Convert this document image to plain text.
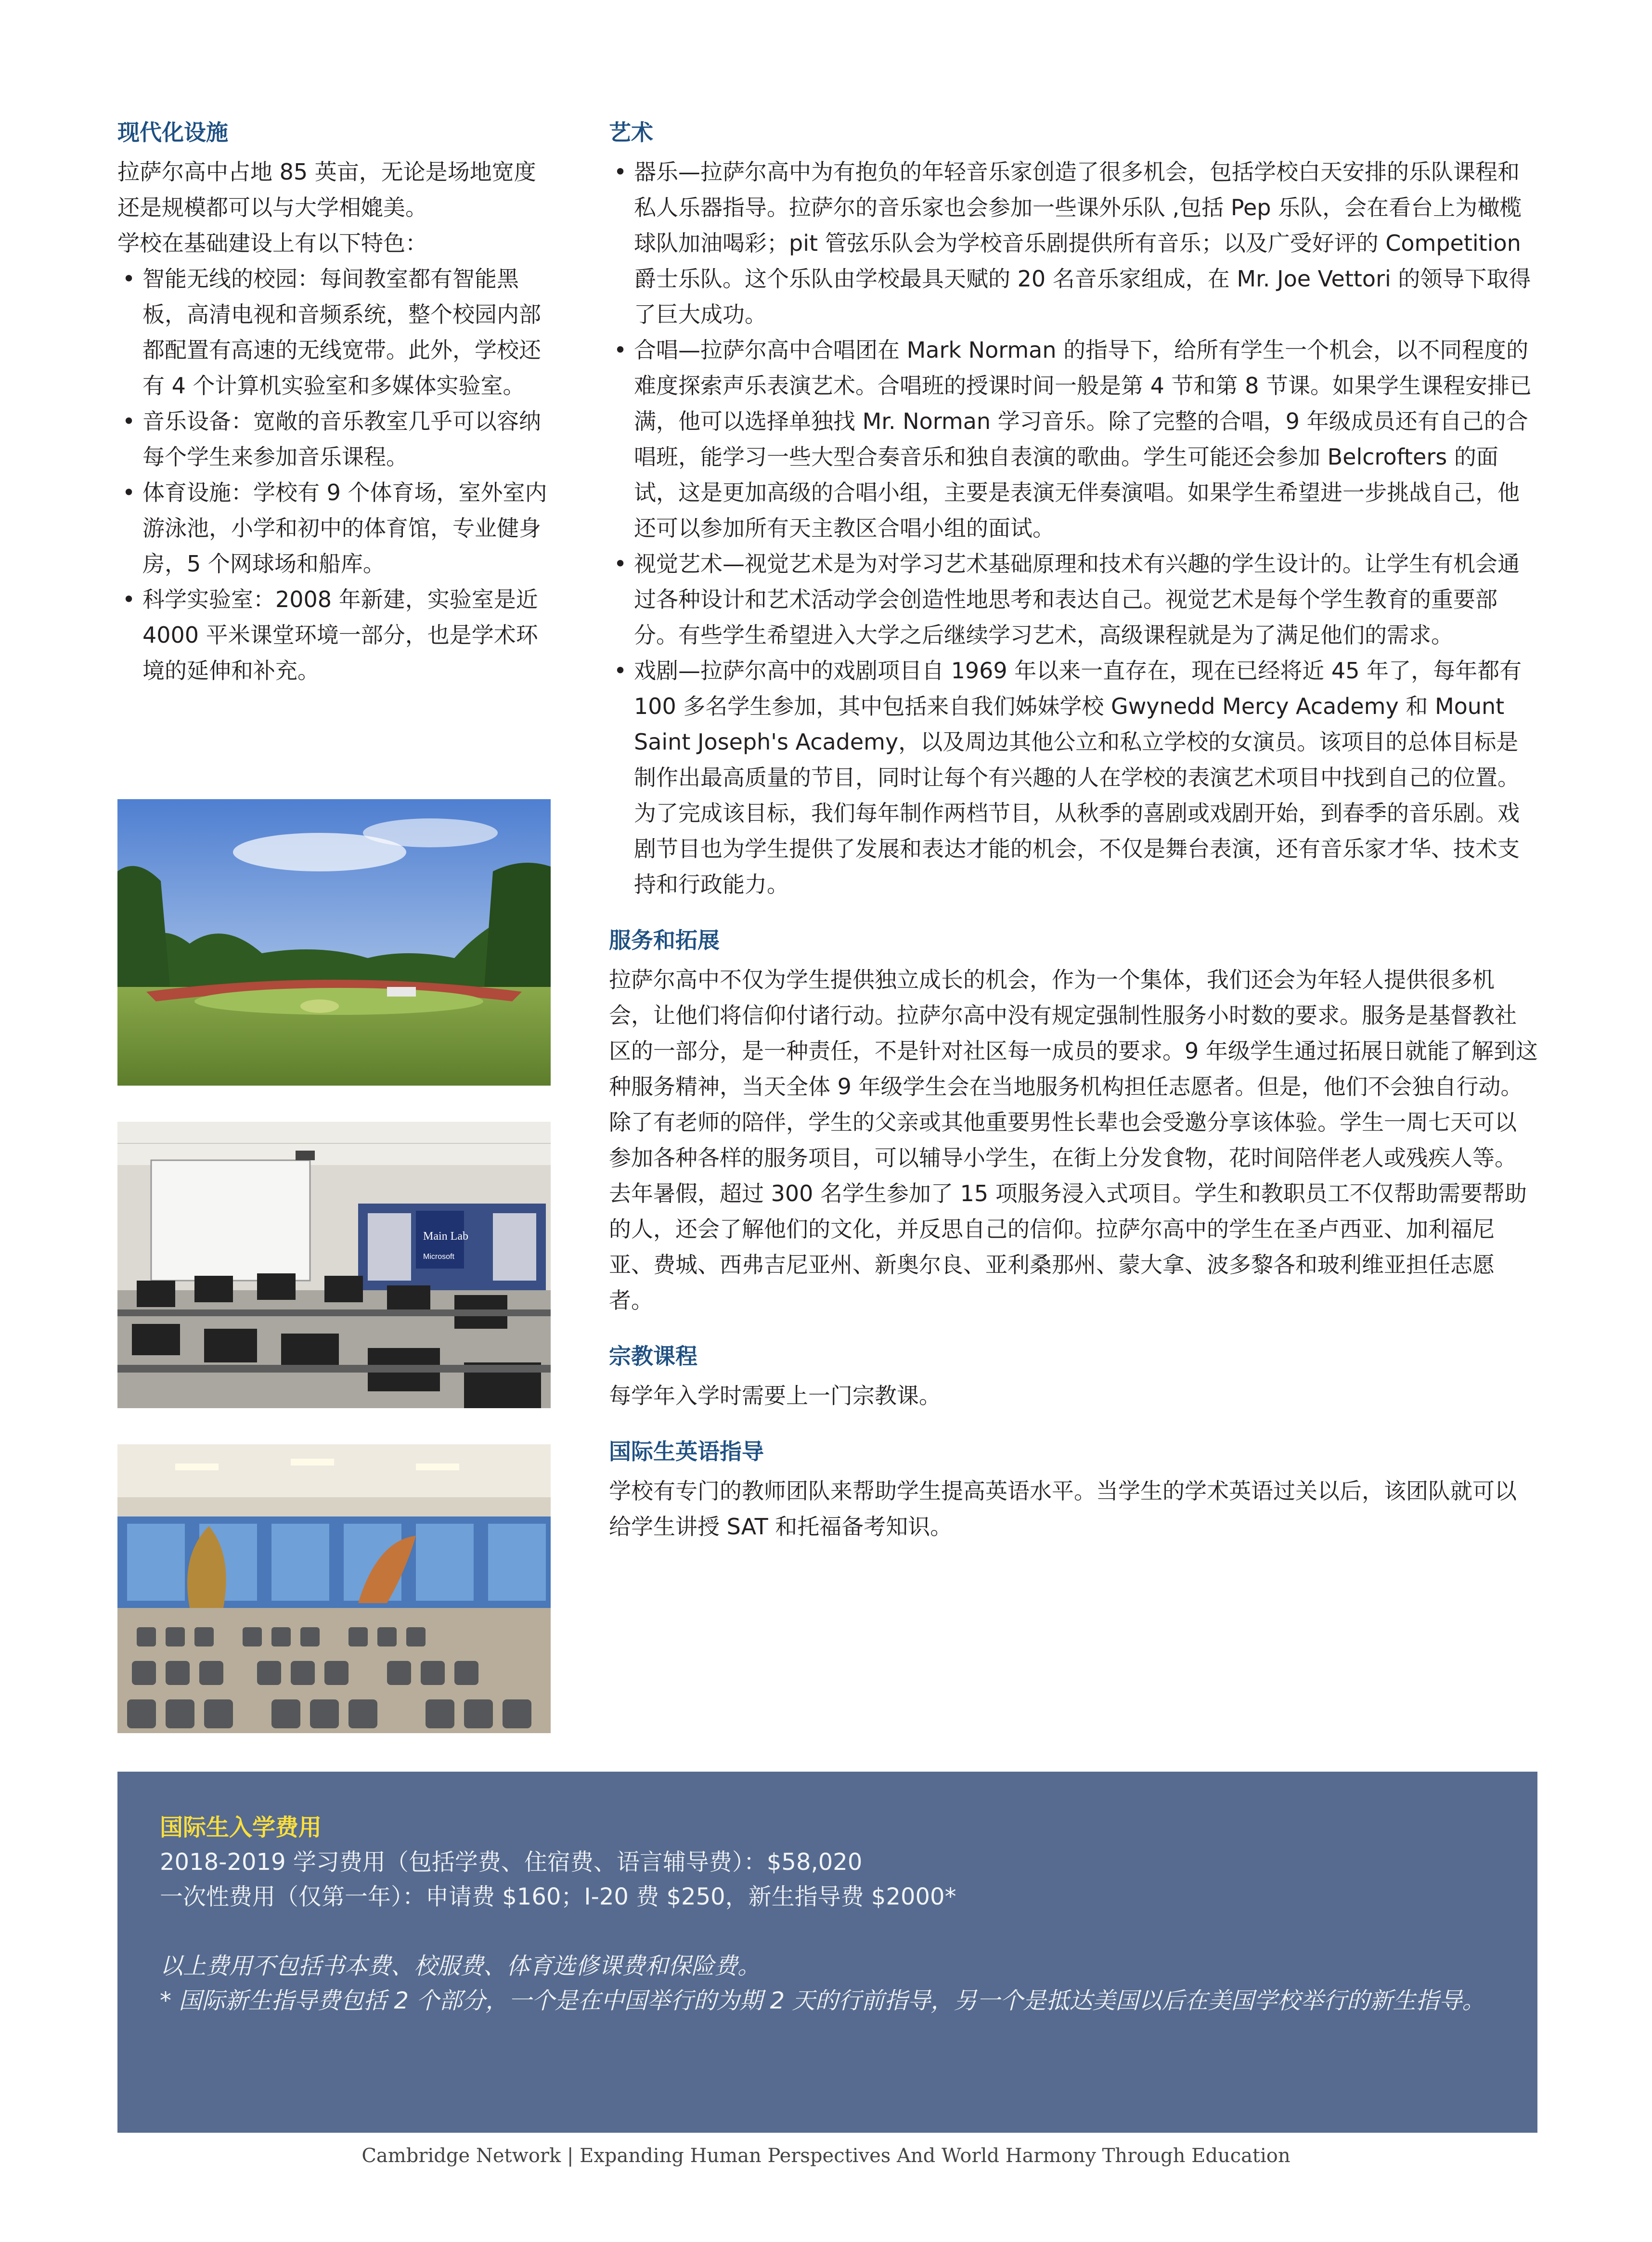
现代化设施

拉萨尔高中占地 85 英亩，无论是场地宽度还是规模都可以与大学相媲美。

学校在基础建设上有以下特色：

• 智能无线的校园：每间教室都有智能黑板，高清电视和音频系统，整个校园内部都配置有高速的无线宽带。此外，学校还有 4 个计算机实验室和多媒体实验室。
• 音乐设备：宽敞的音乐教室几乎可以容纳每个学生来参加音乐课程。
• 体育设施：学校有 9 个体育场，室外室内游泳池，小学和初中的体育馆，专业健身房，5 个网球场和船库。
• 科学实验室：2008 年新建，实验室是近 4000 平米课堂环境一部分，也是学术环境的延伸和补充。
Main Lab
Microsoft
艺术
• 器乐—拉萨尔高中为有抱负的年轻音乐家创造了很多机会，包括学校白天安排的乐队课程和私人乐器指导。拉萨尔的音乐家也会参加一些课外乐队 ,包括 Pep 乐队，会在看台上为橄榄球队加油喝彩；pit 管弦乐队会为学校音乐剧提供所有音乐；以及广受好评的 Competition 爵士乐队。这个乐队由学校最具天赋的 20 名音乐家组成，在 Mr. Joe Vettori 的领导下取得了巨大成功。
• 合唱—拉萨尔高中合唱团在 Mark Norman 的指导下，给所有学生一个机会，以不同程度的难度探索声乐表演艺术。合唱班的授课时间一般是第 4 节和第 8 节课。如果学生课程安排已满，他可以选择单独找 Mr. Norman 学习音乐。除了完整的合唱，9 年级成员还有自己的合唱班，能学习一些大型合奏音乐和独自表演的歌曲。学生可能还会参加 Belcrofters 的面试，这是更加高级的合唱小组，主要是表演无伴奏演唱。如果学生希望进一步挑战自己，他还可以参加所有天主教区合唱小组的面试。
• 视觉艺术—视觉艺术是为对学习艺术基础原理和技术有兴趣的学生设计的。让学生有机会通过各种设计和艺术活动学会创造性地思考和表达自己。视觉艺术是每个学生教育的重要部分。有些学生希望进入大学之后继续学习艺术，高级课程就是为了满足他们的需求。
• 戏剧—拉萨尔高中的戏剧项目自 1969 年以来一直存在，现在已经将近 45 年了，每年都有 100 多名学生参加，其中包括来自我们姊妹学校 Gwynedd Mercy Academy 和 Mount Saint Joseph's Academy，以及周边其他公立和私立学校的女演员。该项目的总体目标是制作出最高质量的节目，同时让每个有兴趣的人在学校的表演艺术项目中找到自己的位置。为了完成该目标，我们每年制作两档节目，从秋季的喜剧或戏剧开始，到春季的音乐剧。戏剧节目也为学生提供了发展和表达才能的机会，不仅是舞台表演，还有音乐家才华、技术支持和行政能力。
服务和拓展

拉萨尔高中不仅为学生提供独立成长的机会，作为一个集体，我们还会为年轻人提供很多机会，让他们将信仰付诸行动。拉萨尔高中没有规定强制性服务小时数的要求。服务是基督教社区的一部分，是一种责任，不是针对社区每一成员的要求。9 年级学生通过拓展日就能了解到这种服务精神，当天全体 9 年级学生会在当地服务机构担任志愿者。但是，他们不会独自行动。除了有老师的陪伴，学生的父亲或其他重要男性长辈也会受邀分享该体验。学生一周七天可以参加各种各样的服务项目，可以辅导小学生，在街上分发食物，花时间陪伴老人或残疾人等。去年暑假，超过 300 名学生参加了 15 项服务浸入式项目。学生和教职员工不仅帮助需要帮助的人，还会了解他们的文化，并反思自己的信仰。拉萨尔高中的学生在圣卢西亚、加利福尼亚、费城、西弗吉尼亚州、新奥尔良、亚利桑那州、蒙大拿、波多黎各和玻利维亚担任志愿者。

宗教课程

每学年入学时需要上一门宗教课。

国际生英语指导

学校有专门的教师团队来帮助学生提高英语水平。当学生的学术英语过关以后，该团队就可以给学生讲授 SAT 和托福备考知识。

国际生入学费用
2018-2019 学习费用（包括学费、住宿费、语言辅导费）：$58,020
一次性费用（仅第一年）：申请费 $160；I-20 费 $250，新生指导费 $2000*
以上费用不包括书本费、校服费、体育选修课费和保险费。
* 国际新生指导费包括 2 个部分，一个是在中国举行的为期 2 天的行前指导，另一个是抵达美国以后在美国学校举行的新生指导。
Cambridge Network | Expanding Human Perspectives And World Harmony Through Education
